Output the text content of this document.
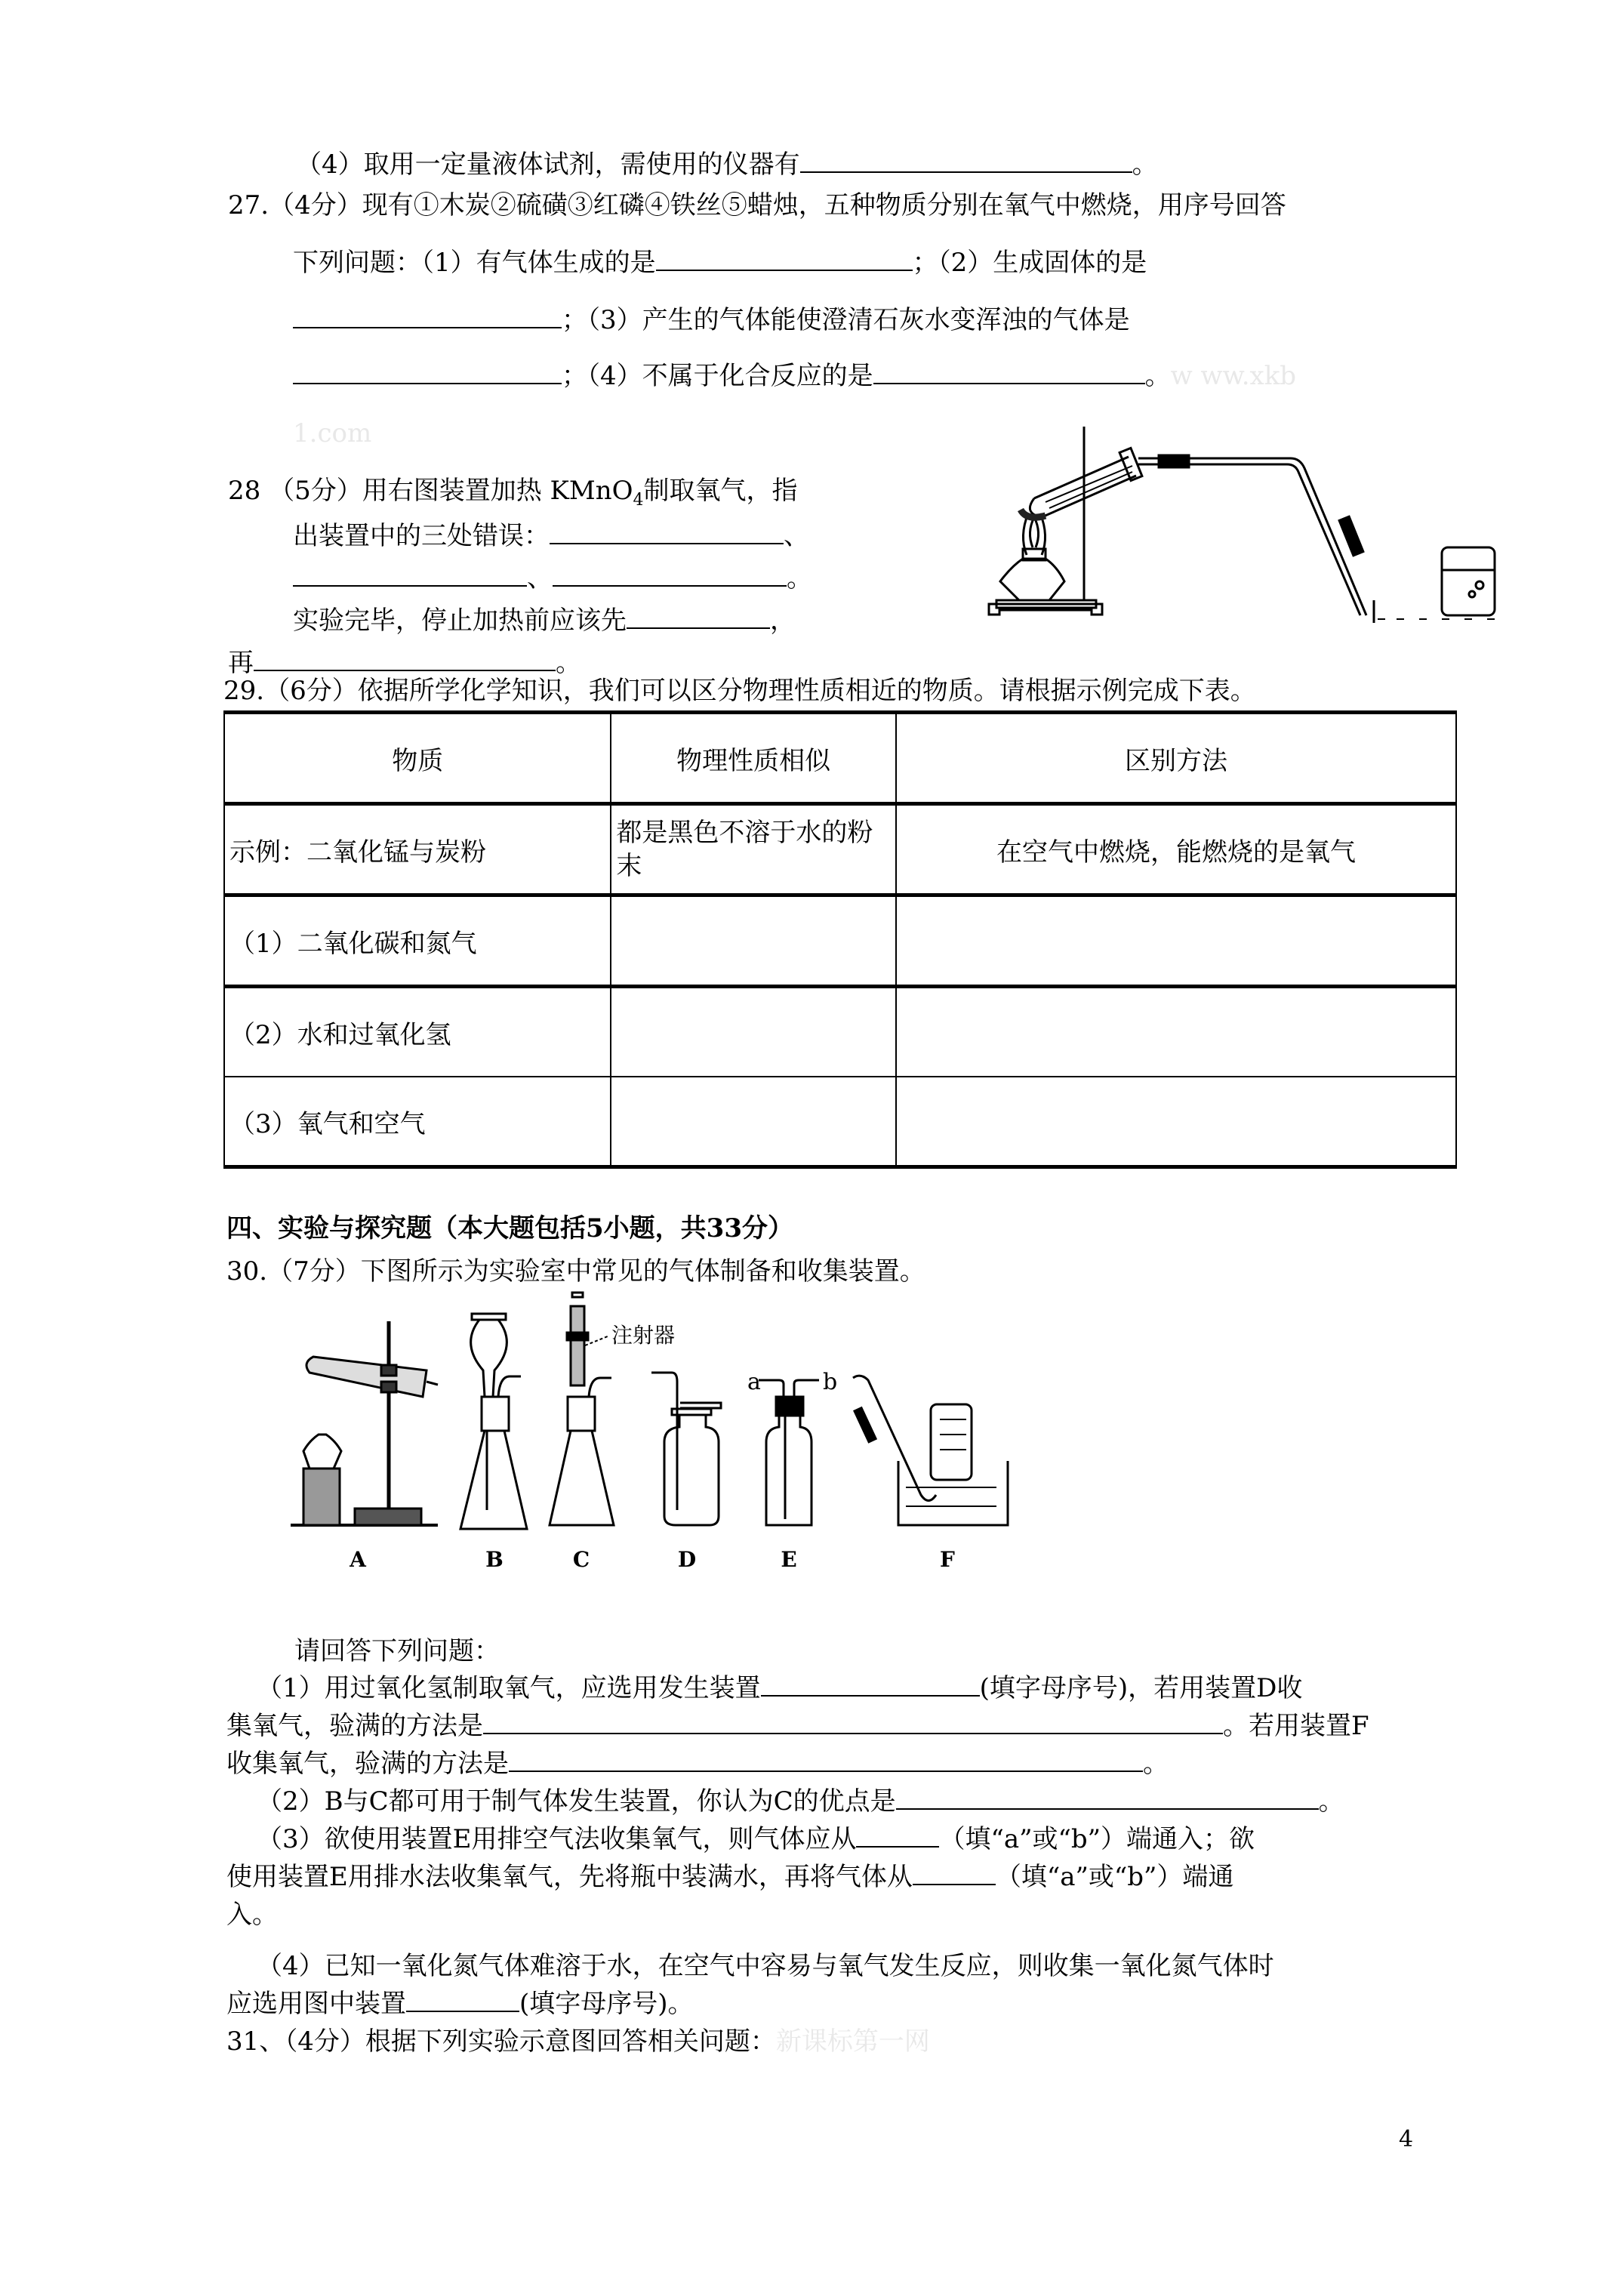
（4）取用一定量液体试剂，需使用的仪器有	。
27.（4分）现有①木炭②硫磺③红磷④铁丝⑤蜡烛，五种物质分别在氧气中燃烧，用序号回答
下列问题：（1）有气体生成的是	；（2）生成固体的是
；（3）产生的气体能使澄清石灰水变浑浊的气体是
；（4）不属于化合反应的是	。w ww.xkb
1.com
28 （5分）用右图装置加热 KMnO$_4$制取氧气，指
出装置中的三处错误：	、
、	。
实验完毕，停止加热前应该先	，
再	。
29.（6分）依据所学化学知识，我们可以区分物理性质相近的物质。请根据示例完成下表。
物质	物理性质相似	区别方法
示例：二氧化锰与炭粉	都是黑色不溶于水的粉末	在空气中燃烧，能燃烧的是氧气
（1）二氧化碳和氮气		
（2）水和过氧化氢		
（3）氧气和空气		
四、实验与探究题（本大题包括5小题，共33分）
30.（7分）下图所示为实验室中常见的气体制备和收集装置。
A	B	C
注射器
D
a	b
E	F
请回答下列问题：
（1）用过氧化氢制取氧气，应选用发生装置	(填字母序号)，若用装置D收
集氧气，验满的方法是	。若用装置F
收集氧气，验满的方法是	。
（2）B与C都可用于制气体发生装置，你认为C的优点是	。
（3）欲使用装置E用排空气法收集氧气，则气体应从	（填“a”或“b”）端通入；欲
使用装置E用排水法收集氧气，先将瓶中装满水，再将气体从	（填“a”或“b”）端通
入。
（4）已知一氧化氮气体难溶于水，在空气中容易与氧气发生反应，则收集一氧化氮气体时
应选用图中装置	(填字母序号)。
31、（4分）根据下列实验示意图回答相关问题：新课标第一网
4
